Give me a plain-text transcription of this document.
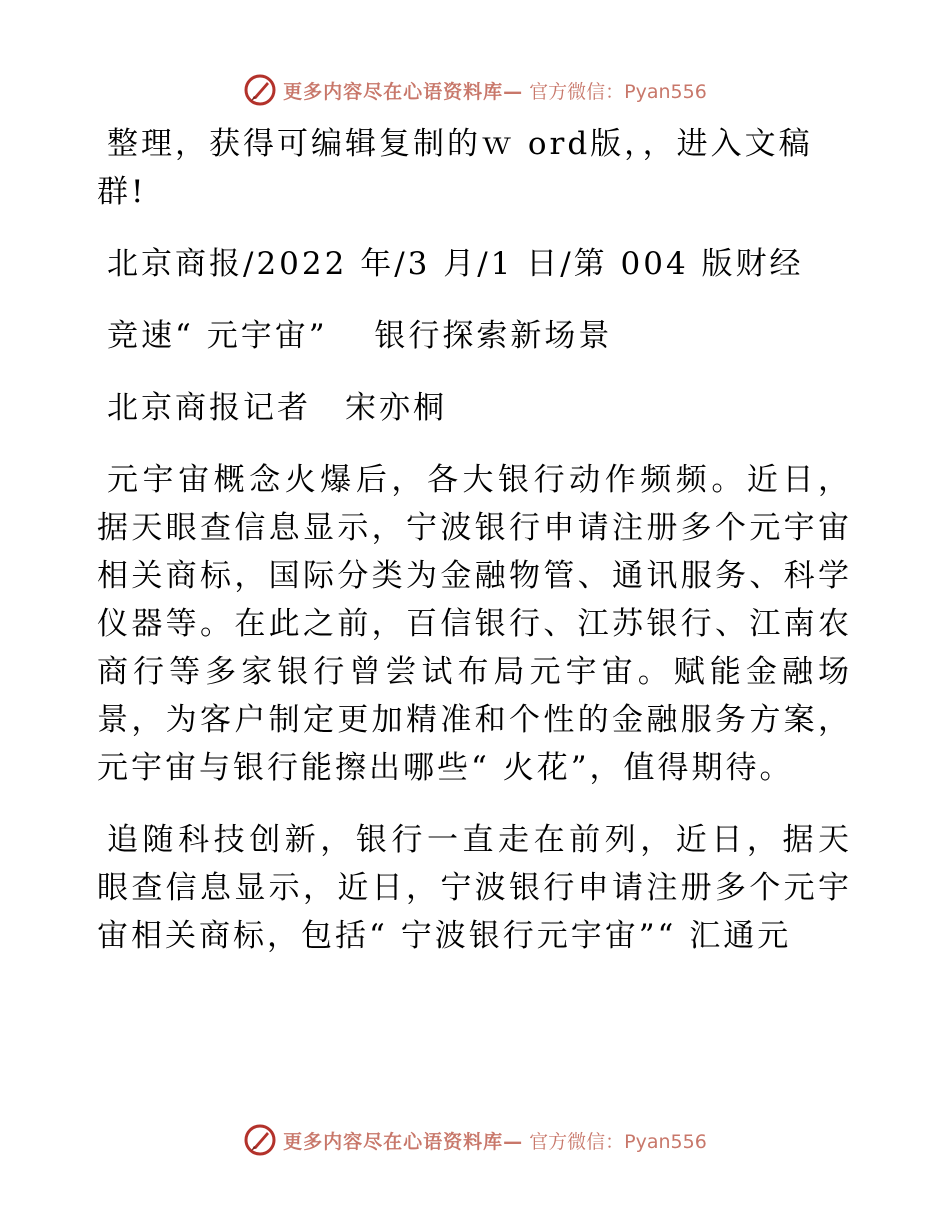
更多内容尽在心语资料库— 官方微信：Pyan556

整理，获得可编辑复制的ｗ ord版，，进入文稿群!

北京商报/2022 年/3 月/1 日/第 004 版财经

竞速“ 元宇宙”　 银行探索新场景

北京商报记者　宋亦桐

元宇宙概念火爆后，各大银行动作频频。近日，据天眼查信息显示，宁波银行申请注册多个元宇宙相关商标，国际分类为金融物管、通讯服务、科学仪器等。在此之前，百信银行、江苏银行、江南农商行等多家银行曾尝试布局元宇宙。赋能金融场景，为客户制定更加精准和个性的金融服务方案，元宇宙与银行能擦出哪些“ 火花”，值得期待。

追随科技创新，银行一直走在前列，近日，据天眼查信息显示，近日，宁波银行申请注册多个元宇宙相关商标，包括“ 宁波银行元宇宙”“ 汇通元

更多内容尽在心语资料库— 官方微信：Pyan556
